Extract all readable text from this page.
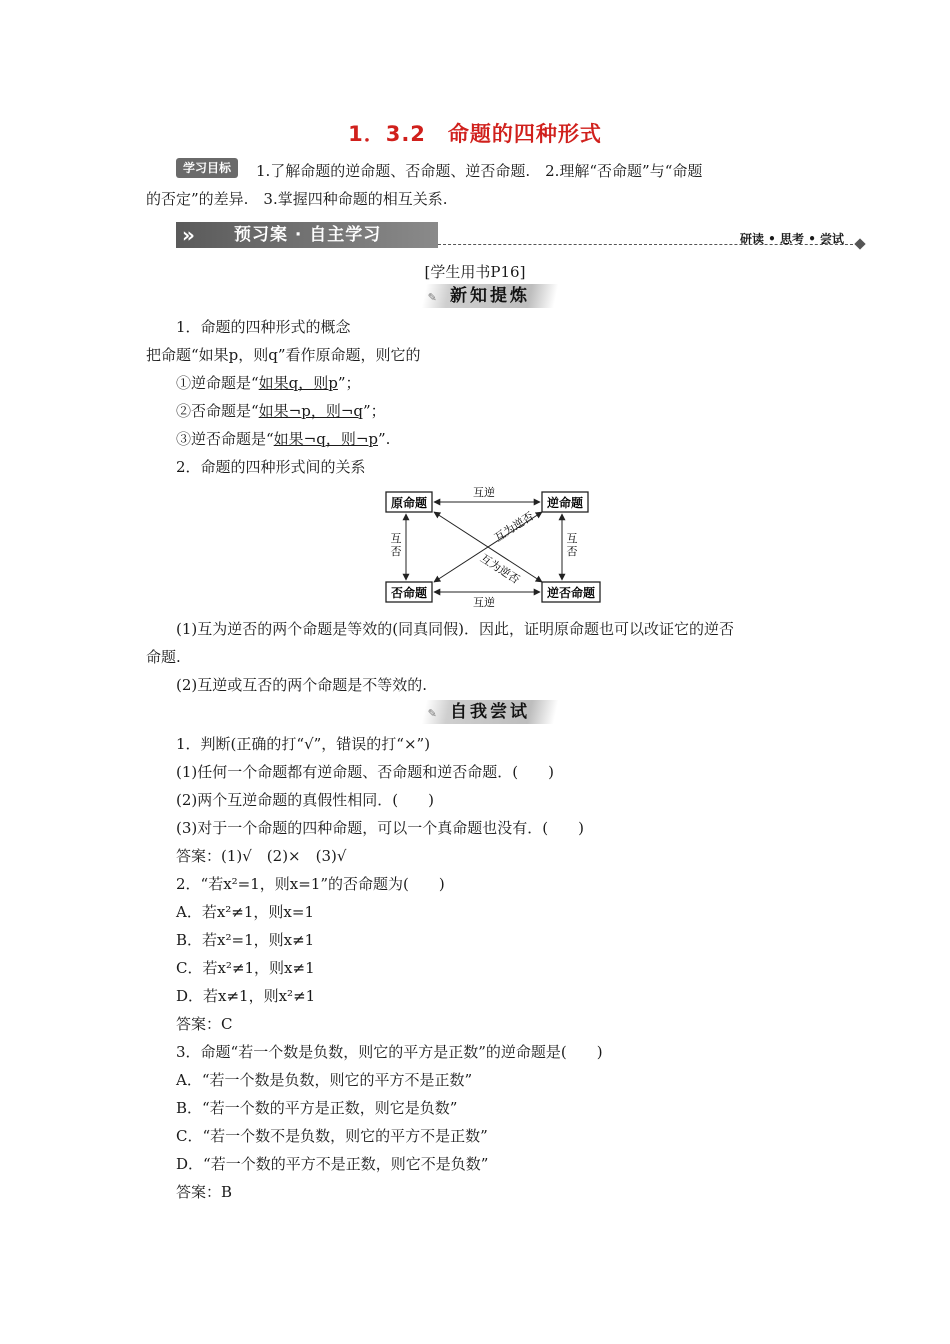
1．3.2　命题的四种形式
学习目标	1.了解命题的逆命题、否命题、逆否命题.　2.理解“否命题”与“命题
的否定”的差异.　3.掌握四种命题的相互关系.
» 预习案 · 自主学习	研读 • 思考 • 尝试
[学生用书P16]
✎ 新知提炼
1．命题的四种形式的概念
把命题“如果p，则q”看作原命题，则它的
①逆命题是“如果q，则p”；
②否命题是“如果¬p，则¬q”；
③逆否命题是“如果¬q，则¬p”.
2．命题的四种形式间的关系
原命题	逆命题
否命题	逆否命题
互逆
互逆
互
否
互
否
互为逆否
互为逆否
(1)互为逆否的两个命题是等效的(同真同假)．因此，证明原命题也可以改证它的逆否
命题.
(2)互逆或互否的两个命题是不等效的.
✎ 自我尝试
1．判断(正确的打“√”，错误的打“×”)
(1)任何一个命题都有逆命题、否命题和逆否命题．(　　)
(2)两个互逆命题的真假性相同．(　　)
(3)对于一个命题的四种命题，可以一个真命题也没有．(　　)
答案：(1)√　(2)×　(3)√
2．“若x²=1，则x=1”的否命题为(　　)
A．若x²≠1，则x=1
B．若x²=1，则x≠1
C．若x²≠1，则x≠1
D．若x≠1，则x²≠1
答案：C
3．命题“若一个数是负数，则它的平方是正数”的逆命题是(　　)
A．“若一个数是负数，则它的平方不是正数”
B．“若一个数的平方是正数，则它是负数”
C．“若一个数不是负数，则它的平方不是正数”
D．“若一个数的平方不是正数，则它不是负数”
答案：B
